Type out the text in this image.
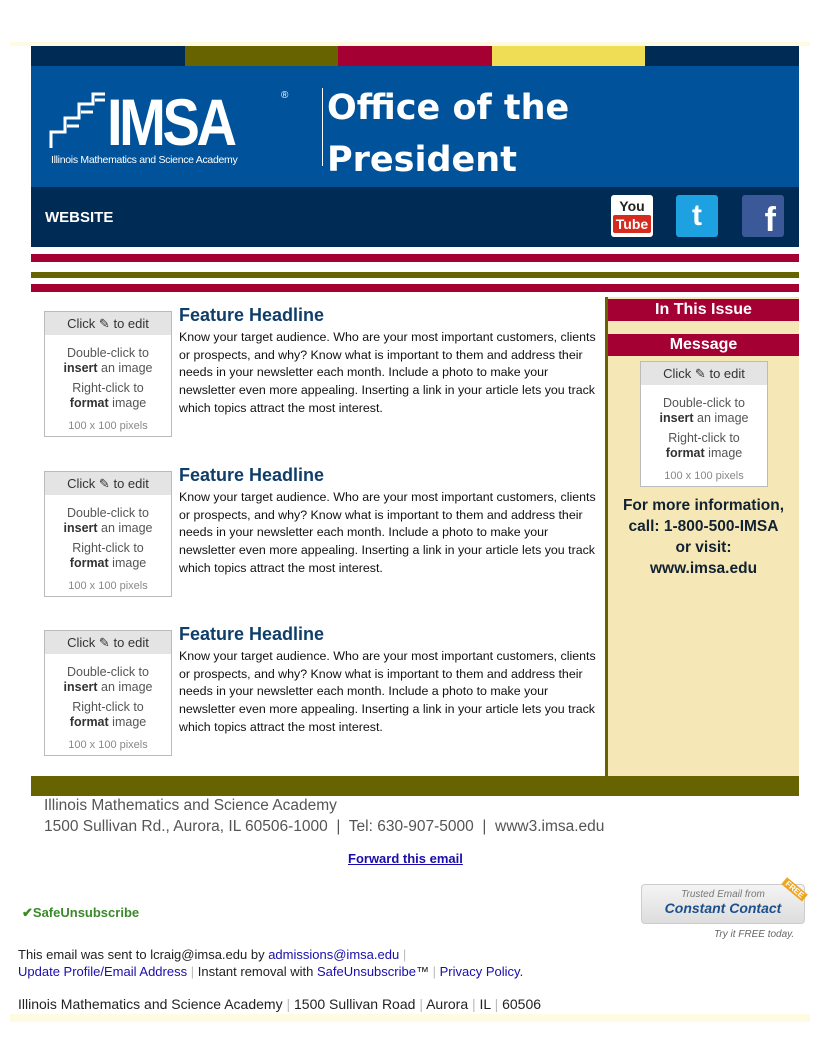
IMSA	®
Illinois Mathematics and Science Academy
Office of the
President
WEBSITE
You
Tube	t	f
Click ✎ to edit
Double-click to
insert an image
Right-click to
format image
100 x 100 pixels
Feature Headline

Know your target audience. Who are your most important customers, clients or prospects, and why? Know what is important to them and address their needs in your newsletter each month. Include a photo to make your newsletter even more appealing. Inserting a link in your article lets you track which topics attract the most interest.

Click ✎ to edit
Double-click to
insert an image
Right-click to
format image
100 x 100 pixels
Feature Headline

Know your target audience. Who are your most important customers, clients or prospects, and why? Know what is important to them and address their needs in your newsletter each month. Include a photo to make your newsletter even more appealing. Inserting a link in your article lets you track which topics attract the most interest.

Click ✎ to edit
Double-click to
insert an image
Right-click to
format image
100 x 100 pixels
Feature Headline

Know your target audience. Who are your most important customers, clients or prospects, and why? Know what is important to them and address their needs in your newsletter each month. Include a photo to make your newsletter even more appealing. Inserting a link in your article lets you track which topics attract the most interest.

In This Issue
Message
Click ✎ to edit
Double-click to
insert an image
Right-click to
format image
100 x 100 pixels
For more information,
call: 1-800-500-IMSA
or visit:
www.imsa.edu
Illinois Mathematics and Science Academy
1500 Sullivan Rd., Aurora, IL 60506-1000  |  Tel: 630-907-5000  |  www3.imsa.edu
Forward this email
✔SafeUnsubscribe
Trusted Email from
Constant Contact
FREE
Try it FREE today.
This email was sent to lcraig@imsa.edu by admissions@imsa.edu |
Update Profile/Email Address | Instant removal with SafeUnsubscribe™ | Privacy Policy.
Illinois Mathematics and Science Academy | 1500 Sullivan Road | Aurora | IL | 60506
